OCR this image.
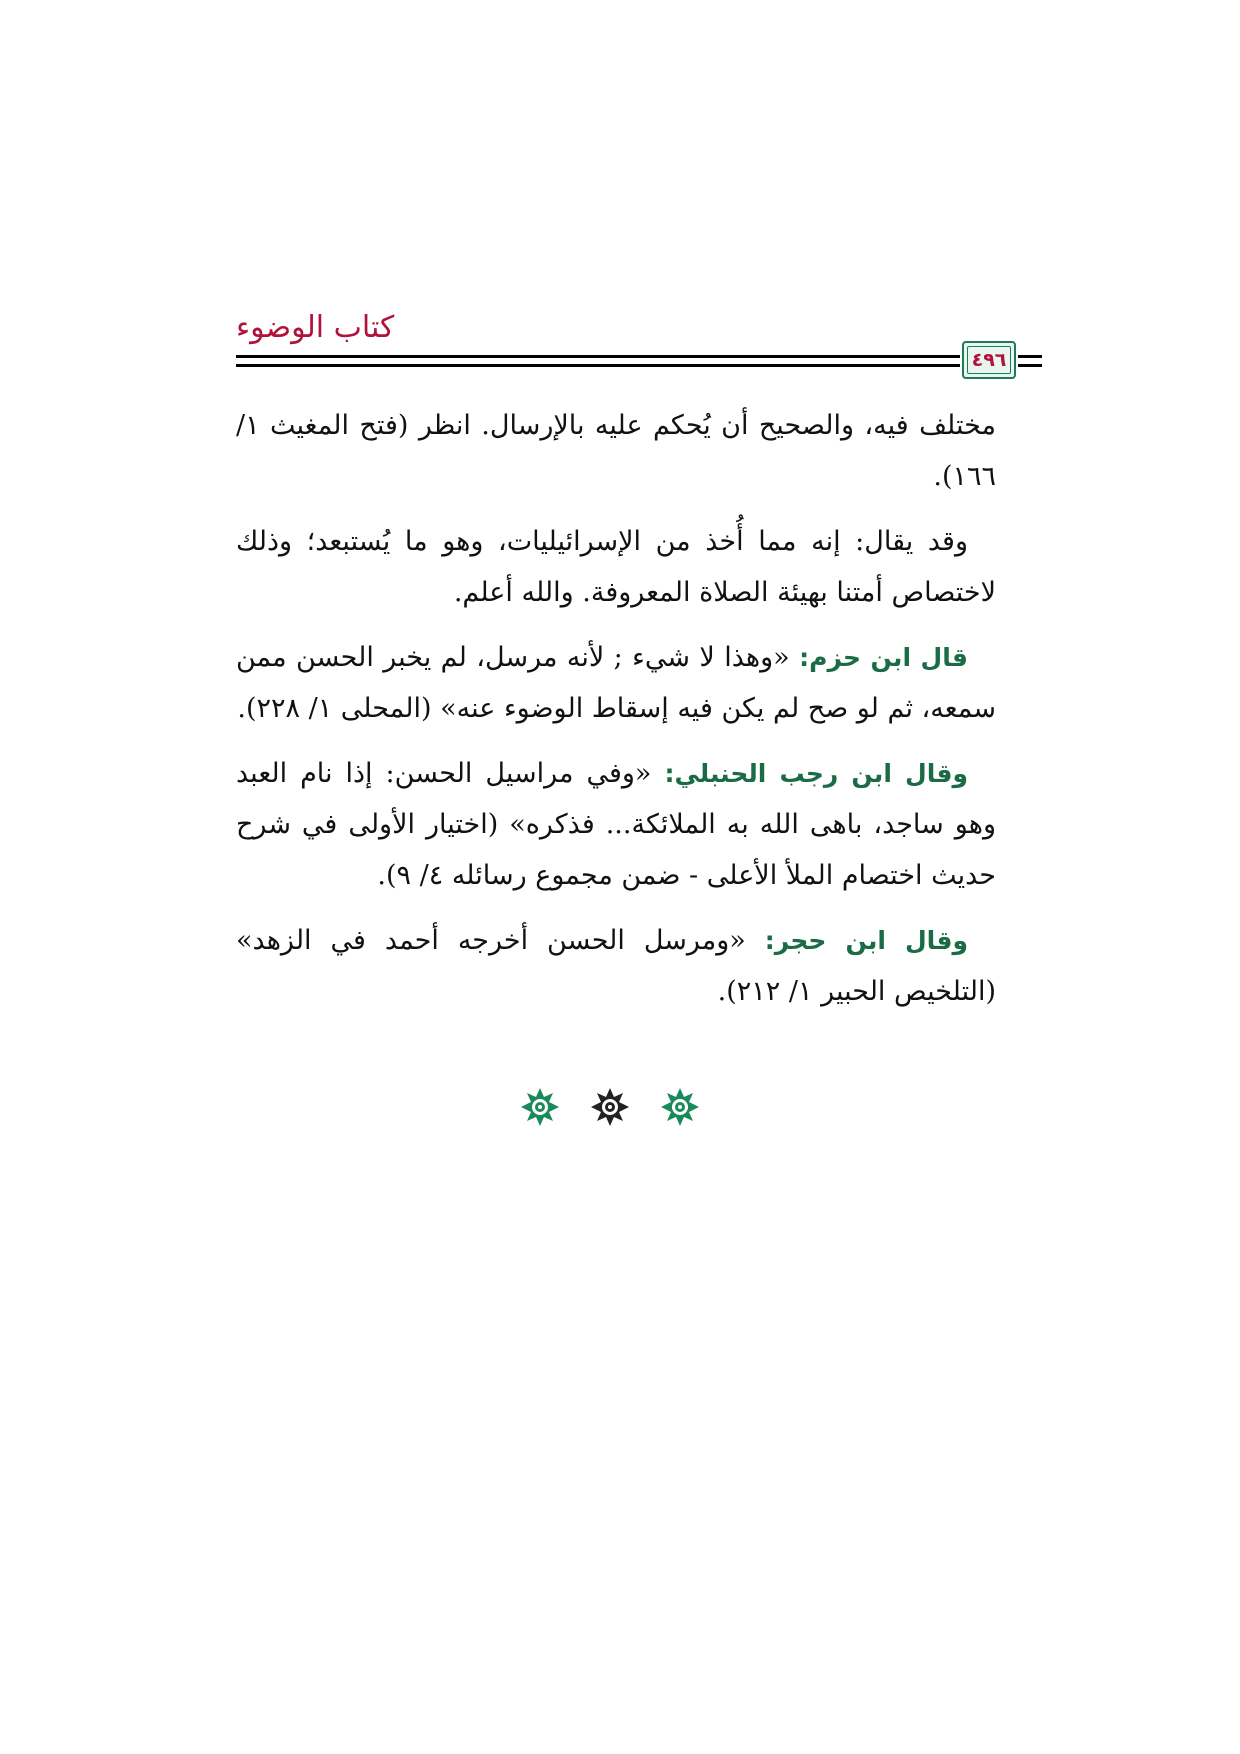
كتاب الوضوء
٤٩٦

مختلف فيه، والصحيح أن يُحكم عليه بالإرسال. انظر (فتح المغيث ١/ ١٦٦).

وقد يقال: إنه مما أُخذ من الإسرائيليات، وهو ما يُستبعد؛ وذلك لاختصاص أمتنا بهيئة الصلاة المعروفة. والله أعلم.

قال ابن حزم: «وهذا لا شيء ; لأنه مرسل، لم يخبر الحسن ممن سمعه، ثم لو صح لم يكن فيه إسقاط الوضوء عنه» (المحلى ١/ ٢٢٨).

وقال ابن رجب الحنبلي: «وفي مراسيل الحسن: إذا نام العبد وهو ساجد، باهى الله به الملائكة... فذكره» (اختيار الأولى في شرح حديث اختصام الملأ الأعلى - ضمن مجموع رسائله ٤/ ٩).

وقال ابن حجر: «ومرسل الحسن أخرجه أحمد في الزهد» (التلخيص الحبير ١/ ٢١٢).
